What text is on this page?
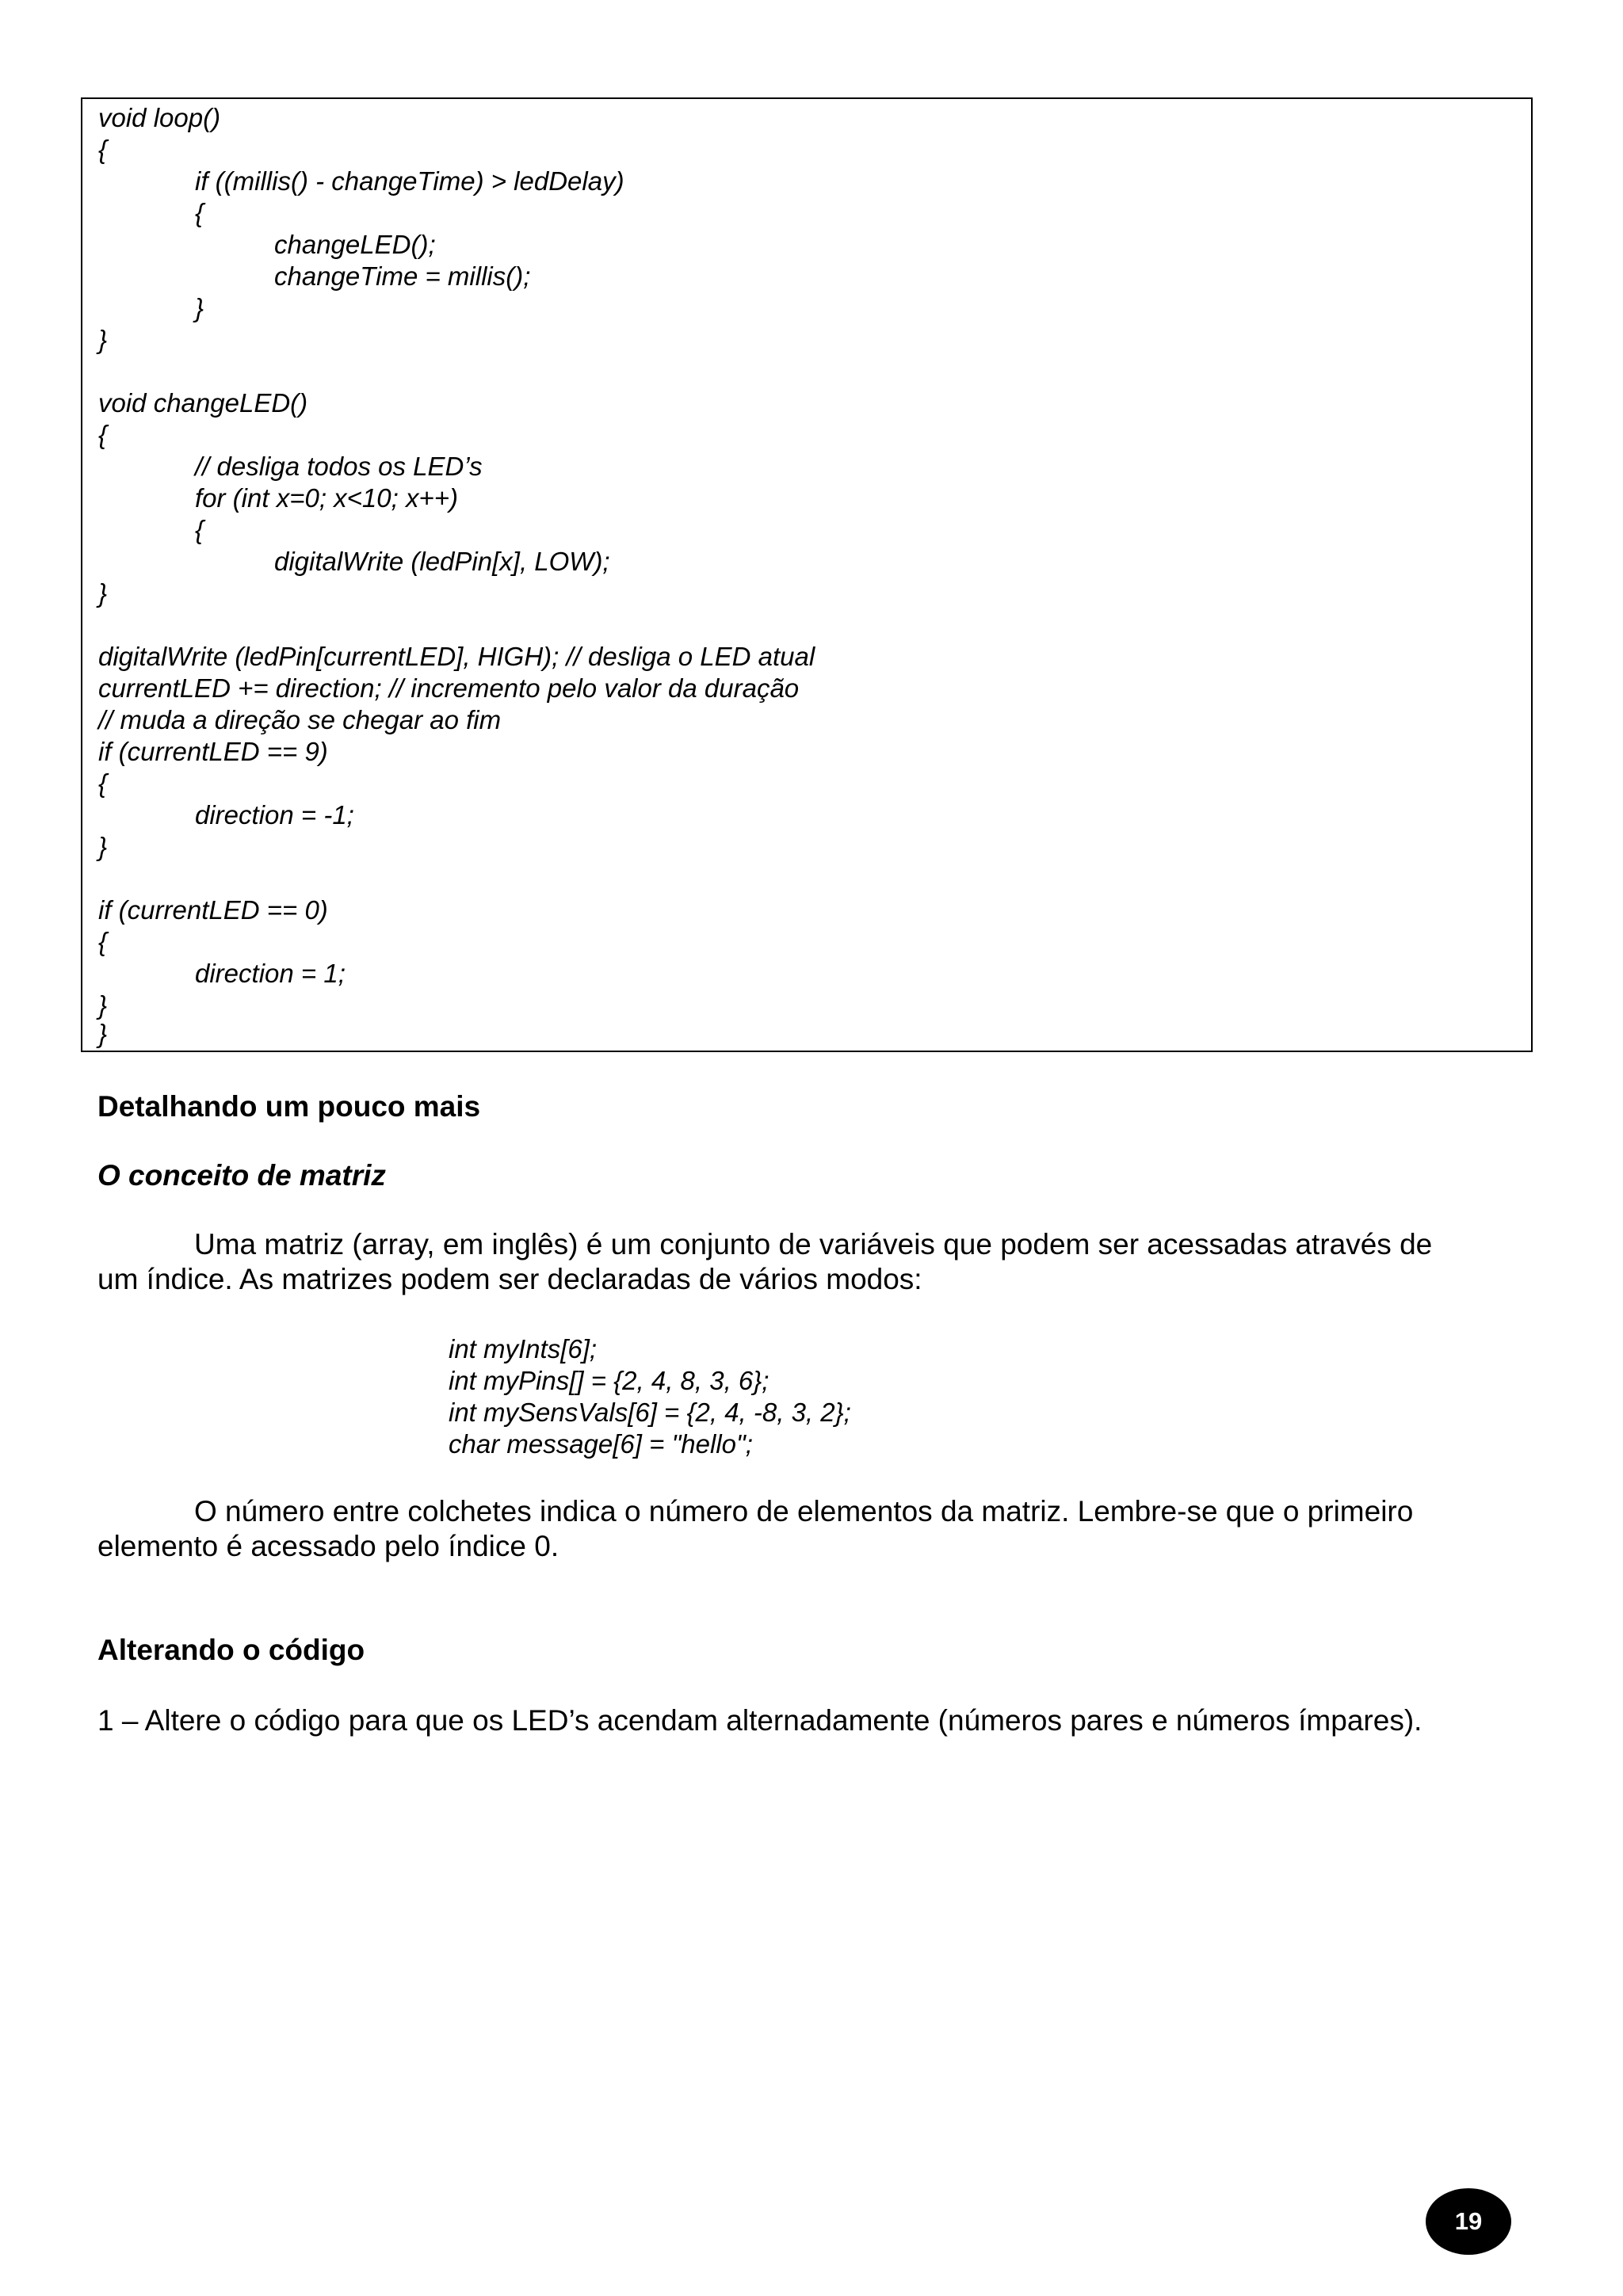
void loop()
{
if ((millis() - changeTime) > ledDelay)
{
changeLED();
changeTime = millis();
}
}
void changeLED()
{
// desliga todos os LED’s
for (int x=0; x<10; x++)
{
digitalWrite (ledPin[x], LOW);
}
digitalWrite (ledPin[currentLED], HIGH); // desliga o LED atual
currentLED += direction; // incremento pelo valor da duração
// muda a direção se chegar ao fim
if (currentLED == 9)
{
direction = -1;
}
if (currentLED == 0)
{
direction = 1;
}
}
Detalhando um pouco mais
O conceito de matriz
Uma matriz (array, em inglês) é um conjunto de variáveis que podem ser acessadas através de
um índice. As matrizes podem ser declaradas de vários modos:
int myInts[6];
int myPins[] = {2, 4, 8, 3, 6};
int mySensVals[6] = {2, 4, -8, 3, 2};
char message[6] = "hello";
O número entre colchetes indica o número de elementos da matriz. Lembre-se que o primeiro
elemento é acessado pelo índice 0.
Alterando o código
1 – Altere o código para que os LED’s acendam alternadamente (números pares e números ímpares).
19
